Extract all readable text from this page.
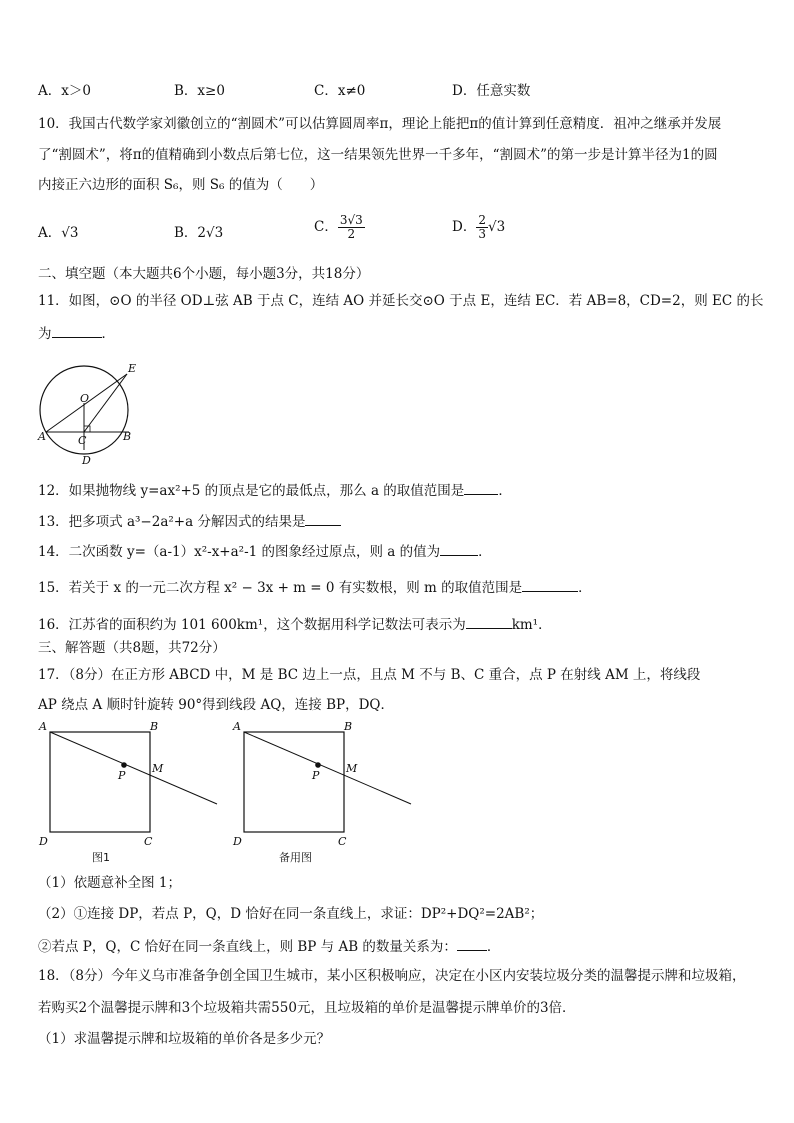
A．x＞0	B．x≥0	C．x≠0	D．任意实数
10．我国古代数学家刘徽创立的“割圆术”可以估算圆周率π，理论上能把π的值计算到任意精度．祖冲之继承并发展
了“割圆术”，将π的值精确到小数点后第七位，这一结果领先世界一千多年，“割圆术”的第一步是计算半径为1的圆
内接正六边形的面积 S₆，则 S₆ 的值为（　　）
A．√3	B．2√3	C． $\frac{3√3}{2}$	D． $\frac{2}{3} √3$
二、填空题（本大题共6个小题，每小题3分，共18分）
11．如图，⊙O 的半径 OD⊥弦 AB 于点 C，连结 AO 并延长交⊙O 于点 E，连结 EC．若 AB=8，CD=2，则 EC 的长
为	．
E
O
A	C	B
D
12．如果抛物线 y=ax²+5 的顶点是它的最低点，那么 a 的取值范围是	．
13．把多项式 a³−2a²+a 分解因式的结果是
14．二次函数 y=（a-1）x²-x+a²-1 的图象经过原点，则 a 的值为	．
15．若关于 x 的一元二次方程 x² − 3x + m = 0 有实数根，则 m 的取值范围是	．
16．江苏省的面积约为 101 600km¹，这个数据用科学记数法可表示为	km¹．
三、解答题（共8题，共72分）
17．（8分）在正方形 ABCD 中，M 是 BC 边上一点，且点 M 不与 B、C 重合，点 P 在射线 AM 上，将线段
AP 绕点 A 顺时针旋转 90°得到线段 AQ，连接 BP，DQ．
A	B
D	C
P
M
图1
A	B
D	C
P
M
备用图
（1）依题意补全图 1；
（2）①连接 DP，若点 P，Q，D 恰好在同一条直线上，求证：DP²+DQ²=2AB²；
②若点 P，Q，C 恰好在同一条直线上，则 BP 与 AB 的数量关系为： ．
18．（8分）今年义乌市准备争创全国卫生城市，某小区积极响应，决定在小区内安装垃圾分类的温馨提示牌和垃圾箱，
若购买2个温馨提示牌和3个垃圾箱共需550元，且垃圾箱的单价是温馨提示牌单价的3倍．
（1）求温馨提示牌和垃圾箱的单价各是多少元？
